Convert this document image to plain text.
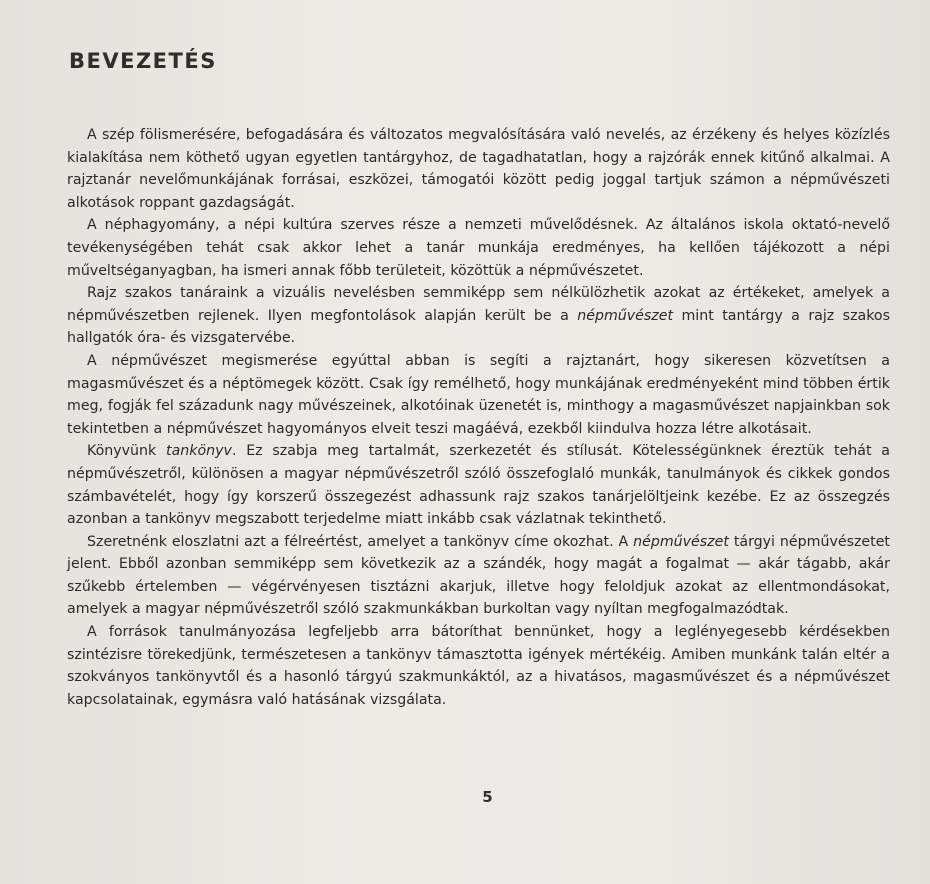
BEVEZETÉS

A szép fölismerésére, befogadására és változatos megvalósítására való nevelés, az érzékeny és helyes közízlés kialakítása nem köthető ugyan egyetlen tantárgyhoz, de tagadhatatlan, hogy a rajzórák ennek kitűnő alkalmai. A rajztanár nevelőmunkájának forrásai, eszközei, támogatói között pedig joggal tartjuk számon a népművészeti alkotások roppant gazdagságát.

A néphagyomány, a népi kultúra szerves része a nemzeti művelődésnek. Az általános iskola oktató-nevelő tevékenységében tehát csak akkor lehet a tanár munkája eredményes, ha kellően tájékozott a népi műveltséganyagban, ha ismeri annak főbb területeit, közöttük a népművészetet.

Rajz szakos tanáraink a vizuális nevelésben semmiképp sem nélkülözhetik azokat az értékeket, amelyek a népművészetben rejlenek. Ilyen megfontolások alapján került be a népművészet mint tantárgy a rajz szakos hallgatók óra- és vizsgatervébe.

A népművészet megismerése egyúttal abban is segíti a rajztanárt, hogy sikeresen közvetítsen a magasművészet és a néptömegek között. Csak így remélhető, hogy munkájának eredményeként mind többen értik meg, fogják fel századunk nagy művészeinek, alkotóinak üzenetét is, minthogy a magasművészet napjainkban sok tekintetben a népművészet hagyományos elveit teszi magáévá, ezekből kiindulva hozza létre alkotásait.

Könyvünk tankönyv. Ez szabja meg tartalmát, szerkezetét és stílusát. Kötelességünknek éreztük tehát a népművészetről, különösen a magyar népművészetről szóló összefoglaló munkák, tanulmányok és cikkek gondos számbavételét, hogy így korszerű összegezést adhassunk rajz szakos tanárjelöltjeink kezébe. Ez az összegzés azonban a tankönyv megszabott terjedelme miatt inkább csak vázlatnak tekinthető.

Szeretnénk eloszlatni azt a félreértést, amelyet a tankönyv címe okozhat. A népművészet tárgyi népművészetet jelent. Ebből azonban semmiképp sem következik az a szándék, hogy magát a fogalmat — akár tágabb, akár szűkebb értelemben — végérvényesen tisztázni akarjuk, illetve hogy feloldjuk azokat az ellentmondásokat, amelyek a magyar népművészetről szóló szakmunkákban burkoltan vagy nyíltan megfogalmazódtak.

A források tanulmányozása legfeljebb arra bátoríthat bennünket, hogy a leglényegesebb kérdésekben szintézisre törekedjünk, természetesen a tankönyv támasztotta igények mértékéig. Amiben munkánk talán eltér a szokványos tankönyvtől és a hasonló tárgyú szakmunkáktól, az a hivatásos, magasművészet és a népművészet kapcsolatainak, egymásra való hatásának vizsgálata.

5
